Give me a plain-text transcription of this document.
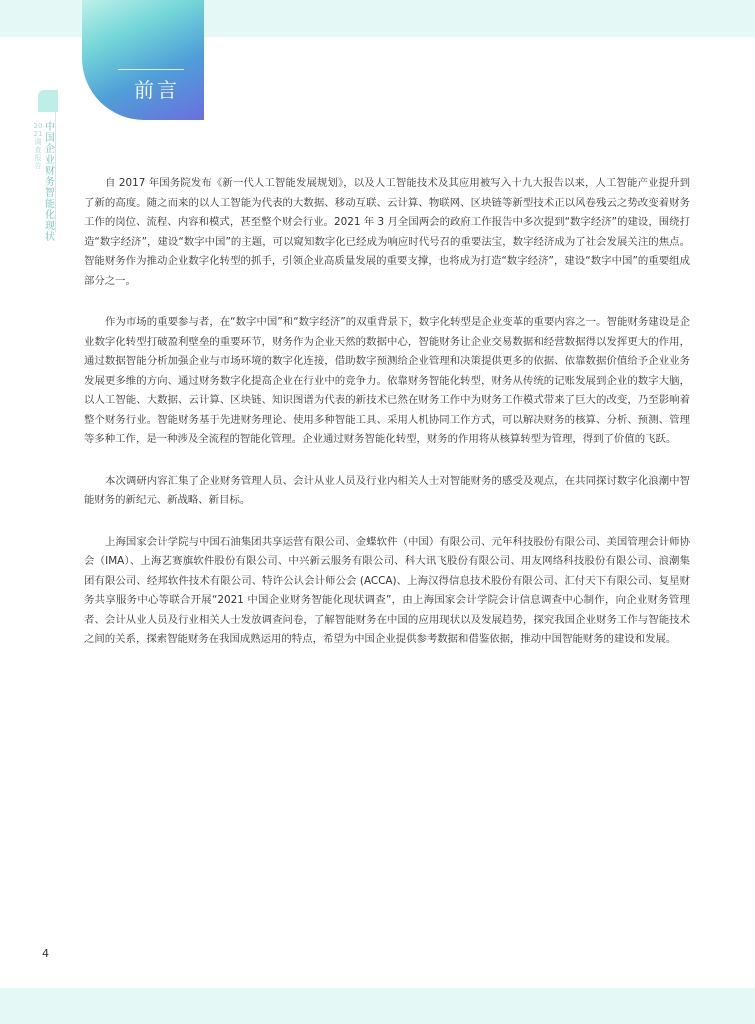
前言
中国企业财务智能化现状
2021 调查报告

自 2017 年国务院发布《新一代人工智能发展规划》，以及人工智能技术及其应用被写入十九大报告以来，人工智能产业提升到了新的高度。随之而来的以人工智能为代表的大数据、移动互联、云计算、物联网、区块链等新型技术正以风卷残云之势改变着财务工作的岗位、流程、内容和模式，甚至整个财会行业。2021 年 3 月全国两会的政府工作报告中多次提到“数字经济”的建设，围绕打造“数字经济”，建设“数字中国”的主题，可以窥知数字化已经成为响应时代号召的重要法宝，数字经济成为了社会发展关注的焦点。智能财务作为推动企业数字化转型的抓手，引领企业高质量发展的重要支撑，也将成为打造“数字经济”，建设“数字中国”的重要组成部分之一。

作为市场的重要参与者，在“数字中国”和“数字经济”的双重背景下，数字化转型是企业变革的重要内容之一。智能财务建设是企业数字化转型打破盈利壁垒的重要环节，财务作为企业天然的数据中心，智能财务让企业交易数据和经营数据得以发挥更大的作用，通过数据智能分析加强企业与市场环境的数字化连接，借助数字预测给企业管理和决策提供更多的依据、依靠数据价值给予企业业务发展更多维的方向、通过财务数字化提高企业在行业中的竞争力。依靠财务智能化转型，财务从传统的记账发展到企业的数字大脑，以人工智能、大数据、云计算、区块链、知识图谱为代表的新技术已然在财务工作中为财务工作模式带来了巨大的改变，乃至影响着整个财务行业。智能财务基于先进财务理论、使用多种智能工具、采用人机协同工作方式，可以解决财务的核算、分析、预测、管理等多种工作，是一种涉及全流程的智能化管理。企业通过财务智能化转型，财务的作用将从核算转型为管理，得到了价值的飞跃。

本次调研内容汇集了企业财务管理人员、会计从业人员及行业内相关人士对智能财务的感受及观点，在共同探讨数字化浪潮中智能财务的新纪元、新战略、新目标。

上海国家会计学院与中国石油集团共享运营有限公司、金蝶软件（中国）有限公司、元年科技股份有限公司、美国管理会计师协会（IMA）、上海艺赛旗软件股份有限公司、中兴新云服务有限公司、科大讯飞股份有限公司、用友网络科技股份有限公司、浪潮集团有限公司、经邦软件技术有限公司、特许公认会计师公会 (ACCA)、上海汉得信息技术股份有限公司、汇付天下有限公司、复星财务共享服务中心等联合开展“2021 中国企业财务智能化现状调查”，由上海国家会计学院会计信息调查中心制作，向企业财务管理者、会计从业人员及行业相关人士发放调查问卷，了解智能财务在中国的应用现状以及发展趋势，探究我国企业财务工作与智能技术之间的关系，探索智能财务在我国成熟运用的特点，希望为中国企业提供参考数据和借鉴依据，推动中国智能财务的建设和发展。

4
